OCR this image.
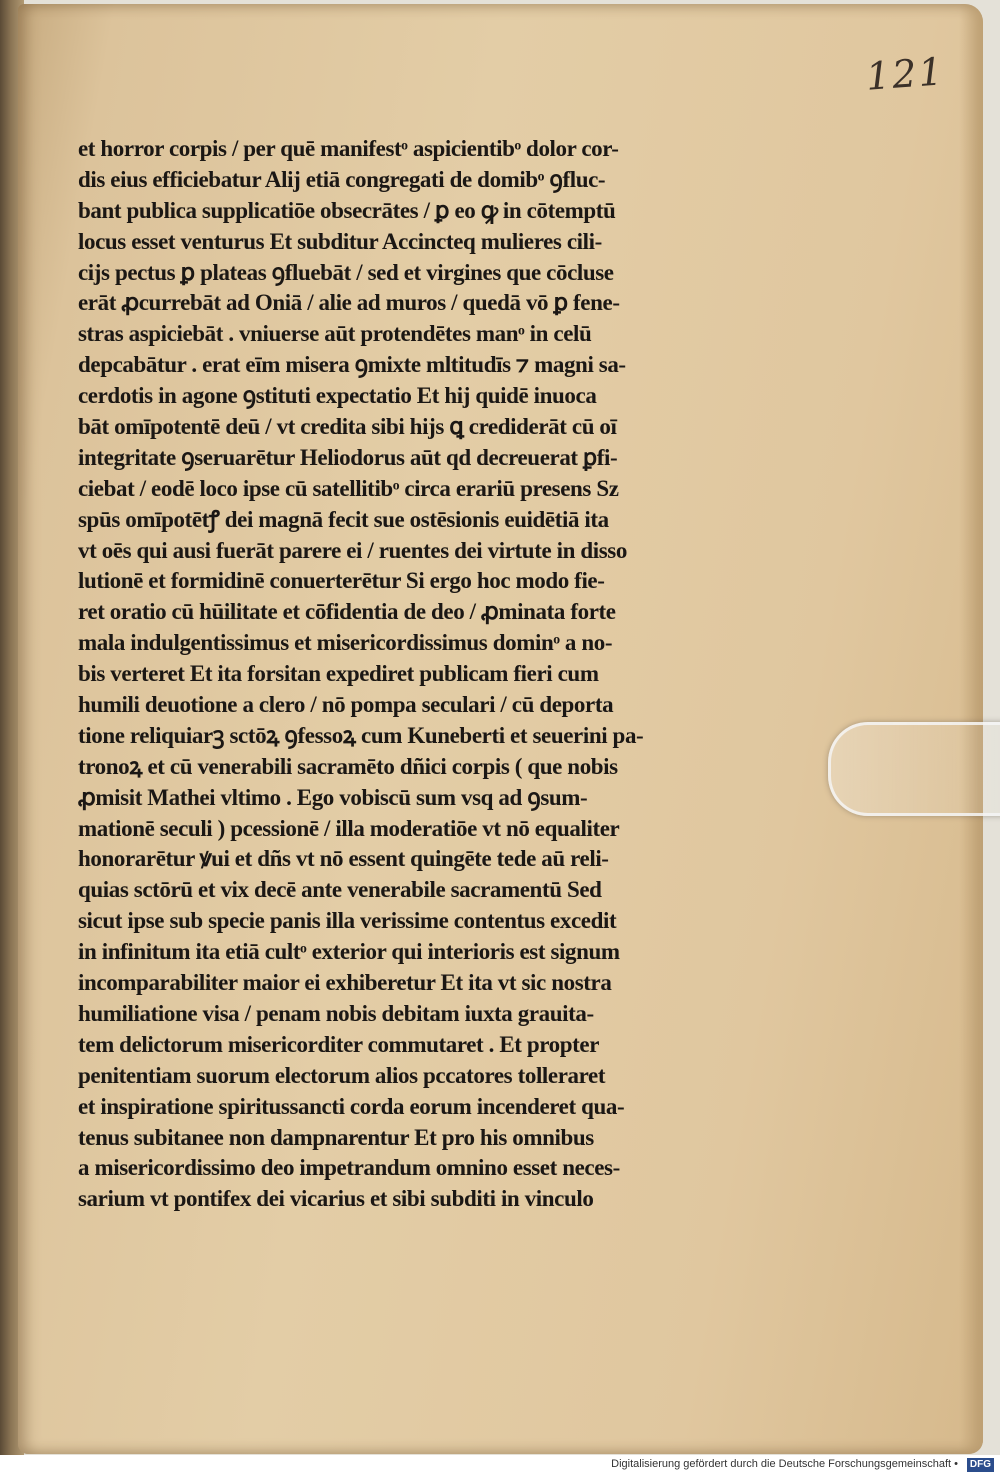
121
et horror corpis / per quē manifestᵒ aspicientibᵒ dolor cor-
dis eius efficiebatur Alij etiā congregati de domibᵒ ꝯfluc-
bant publica supplicatiōe obsecrātes / ꝑ eo ꝙ in cōtemptū
locus esset venturus Et subditur Accincteq mulieres cili-
cijs pectus ꝑ plateas ꝯfluebāt / sed et virgines que cōcluse
erāt ꝓcurrebāt ad Oniā / alie ad muros / quedā vō ꝑ fene-
stras aspiciebāt . vniuerse aūt protendētes manᵒ in celū
depcabātur . erat eīm misera ꝯmixte mltitudīs ⁊ magni sa-
cerdotis in agone ꝯstituti expectatio Et hij quidē inuoca
bāt omīpotentē deū / vt credita sibi hijs ꝗ crediderāt cū oī
integritate ꝯseruarētur Heliodorus aūt qd decreuerat ꝑfi-
ciebat / eodē loco ipse cū satellitibᵒ circa erariū presens Sz
spūs omīpotētꝭ dei magnā fecit sue ostēsionis euidētiā ita
vt oēs qui ausi fuerāt parere ei / ruentes dei virtute in disso
lutionē et formidinē conuerterētur Si ergo hoc modo fie-
ret oratio cū hūilitate et cōfidentia de deo / ꝓminata forte
mala indulgentissimus et misericordissimus dominᵒ a no-
bis verteret Et ita forsitan expediret publicam fieri cum
humili deuotione a clero / nō pompa seculari / cū deporta
tione reliquiarꝫ sctōꝝ ꝯfessoꝝ cum Kuneberti et seuerini pa-
tronoꝝ et cū venerabili sacramēto dñici corpis ( que nobis
ꝓmisit Mathei vltimo . Ego vobiscū sum vsq ad ꝯsum-
mationē seculi ) pcessionē / illa moderatiōe vt nō equaliter
honorarētur ꝟui et dñs vt nō essent quingēte tede aū reli-
quias sctōrū et vix decē ante venerabile sacramentū Sed
sicut ipse sub specie panis illa verissime contentus excedit
in infinitum ita etiā cultᵒ exterior qui interioris est signum
incomparabiliter maior ei exhiberetur Et ita vt sic nostra
humiliatione visa / penam nobis debitam iuxta grauita-
tem delictorum misericorditer commutaret . Et propter
penitentiam suorum electorum alios pccatores tolleraret
et inspiratione spiritussancti corda eorum incenderet qua-
tenus subitanee non dampnarentur Et pro his omnibus
a misericordissimo deo impetrandum omnino esset neces-
sarium vt pontifex dei vicarius et sibi subditi in vinculo
Digitalisierung gefördert durch die Deutsche Forschungsgemeinschaft •	DFG
